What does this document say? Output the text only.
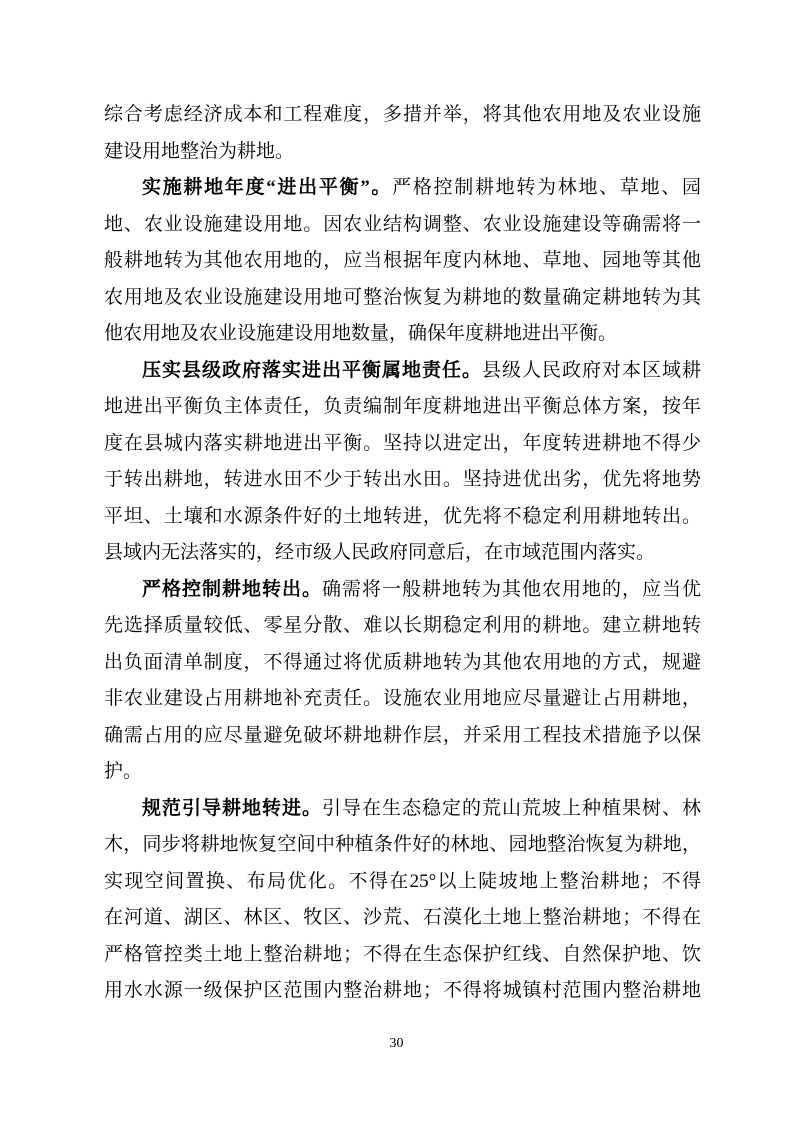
综合考虑经济成本和工程难度，多措并举，将其他农用地及农业设施
建设用地整治为耕地。
实施耕地年度“进出平衡”。严格控制耕地转为林地、草地、园
地、农业设施建设用地。因农业结构调整、农业设施建设等确需将一
般耕地转为其他农用地的，应当根据年度内林地、草地、园地等其他
农用地及农业设施建设用地可整治恢复为耕地的数量确定耕地转为其
他农用地及农业设施建设用地数量，确保年度耕地进出平衡。
压实县级政府落实进出平衡属地责任。县级人民政府对本区域耕
地进出平衡负主体责任，负责编制年度耕地进出平衡总体方案，按年
度在县城内落实耕地进出平衡。坚持以进定出，年度转进耕地不得少
于转出耕地，转进水田不少于转出水田。坚持进优出劣，优先将地势
平坦、土壤和水源条件好的土地转进，优先将不稳定利用耕地转出。
县域内无法落实的，经市级人民政府同意后，在市域范围内落实。
严格控制耕地转出。确需将一般耕地转为其他农用地的，应当优
先选择质量较低、零星分散、难以长期稳定利用的耕地。建立耕地转
出负面清单制度，不得通过将优质耕地转为其他农用地的方式，规避
非农业建设占用耕地补充责任。设施农业用地应尽量避让占用耕地，
确需占用的应尽量避免破坏耕地耕作层，并采用工程技术措施予以保
护。
规范引导耕地转进。引导在生态稳定的荒山荒坡上种植果树、林
木，同步将耕地恢复空间中种植条件好的林地、园地整治恢复为耕地，
实现空间置换、布局优化。不得在25°以上陡坡地上整治耕地；不得
在河道、湖区、林区、牧区、沙荒、石漠化土地上整治耕地；不得在
严格管控类土地上整治耕地；不得在生态保护红线、自然保护地、饮
用水水源一级保护区范围内整治耕地；不得将城镇村范围内整治耕地
30
